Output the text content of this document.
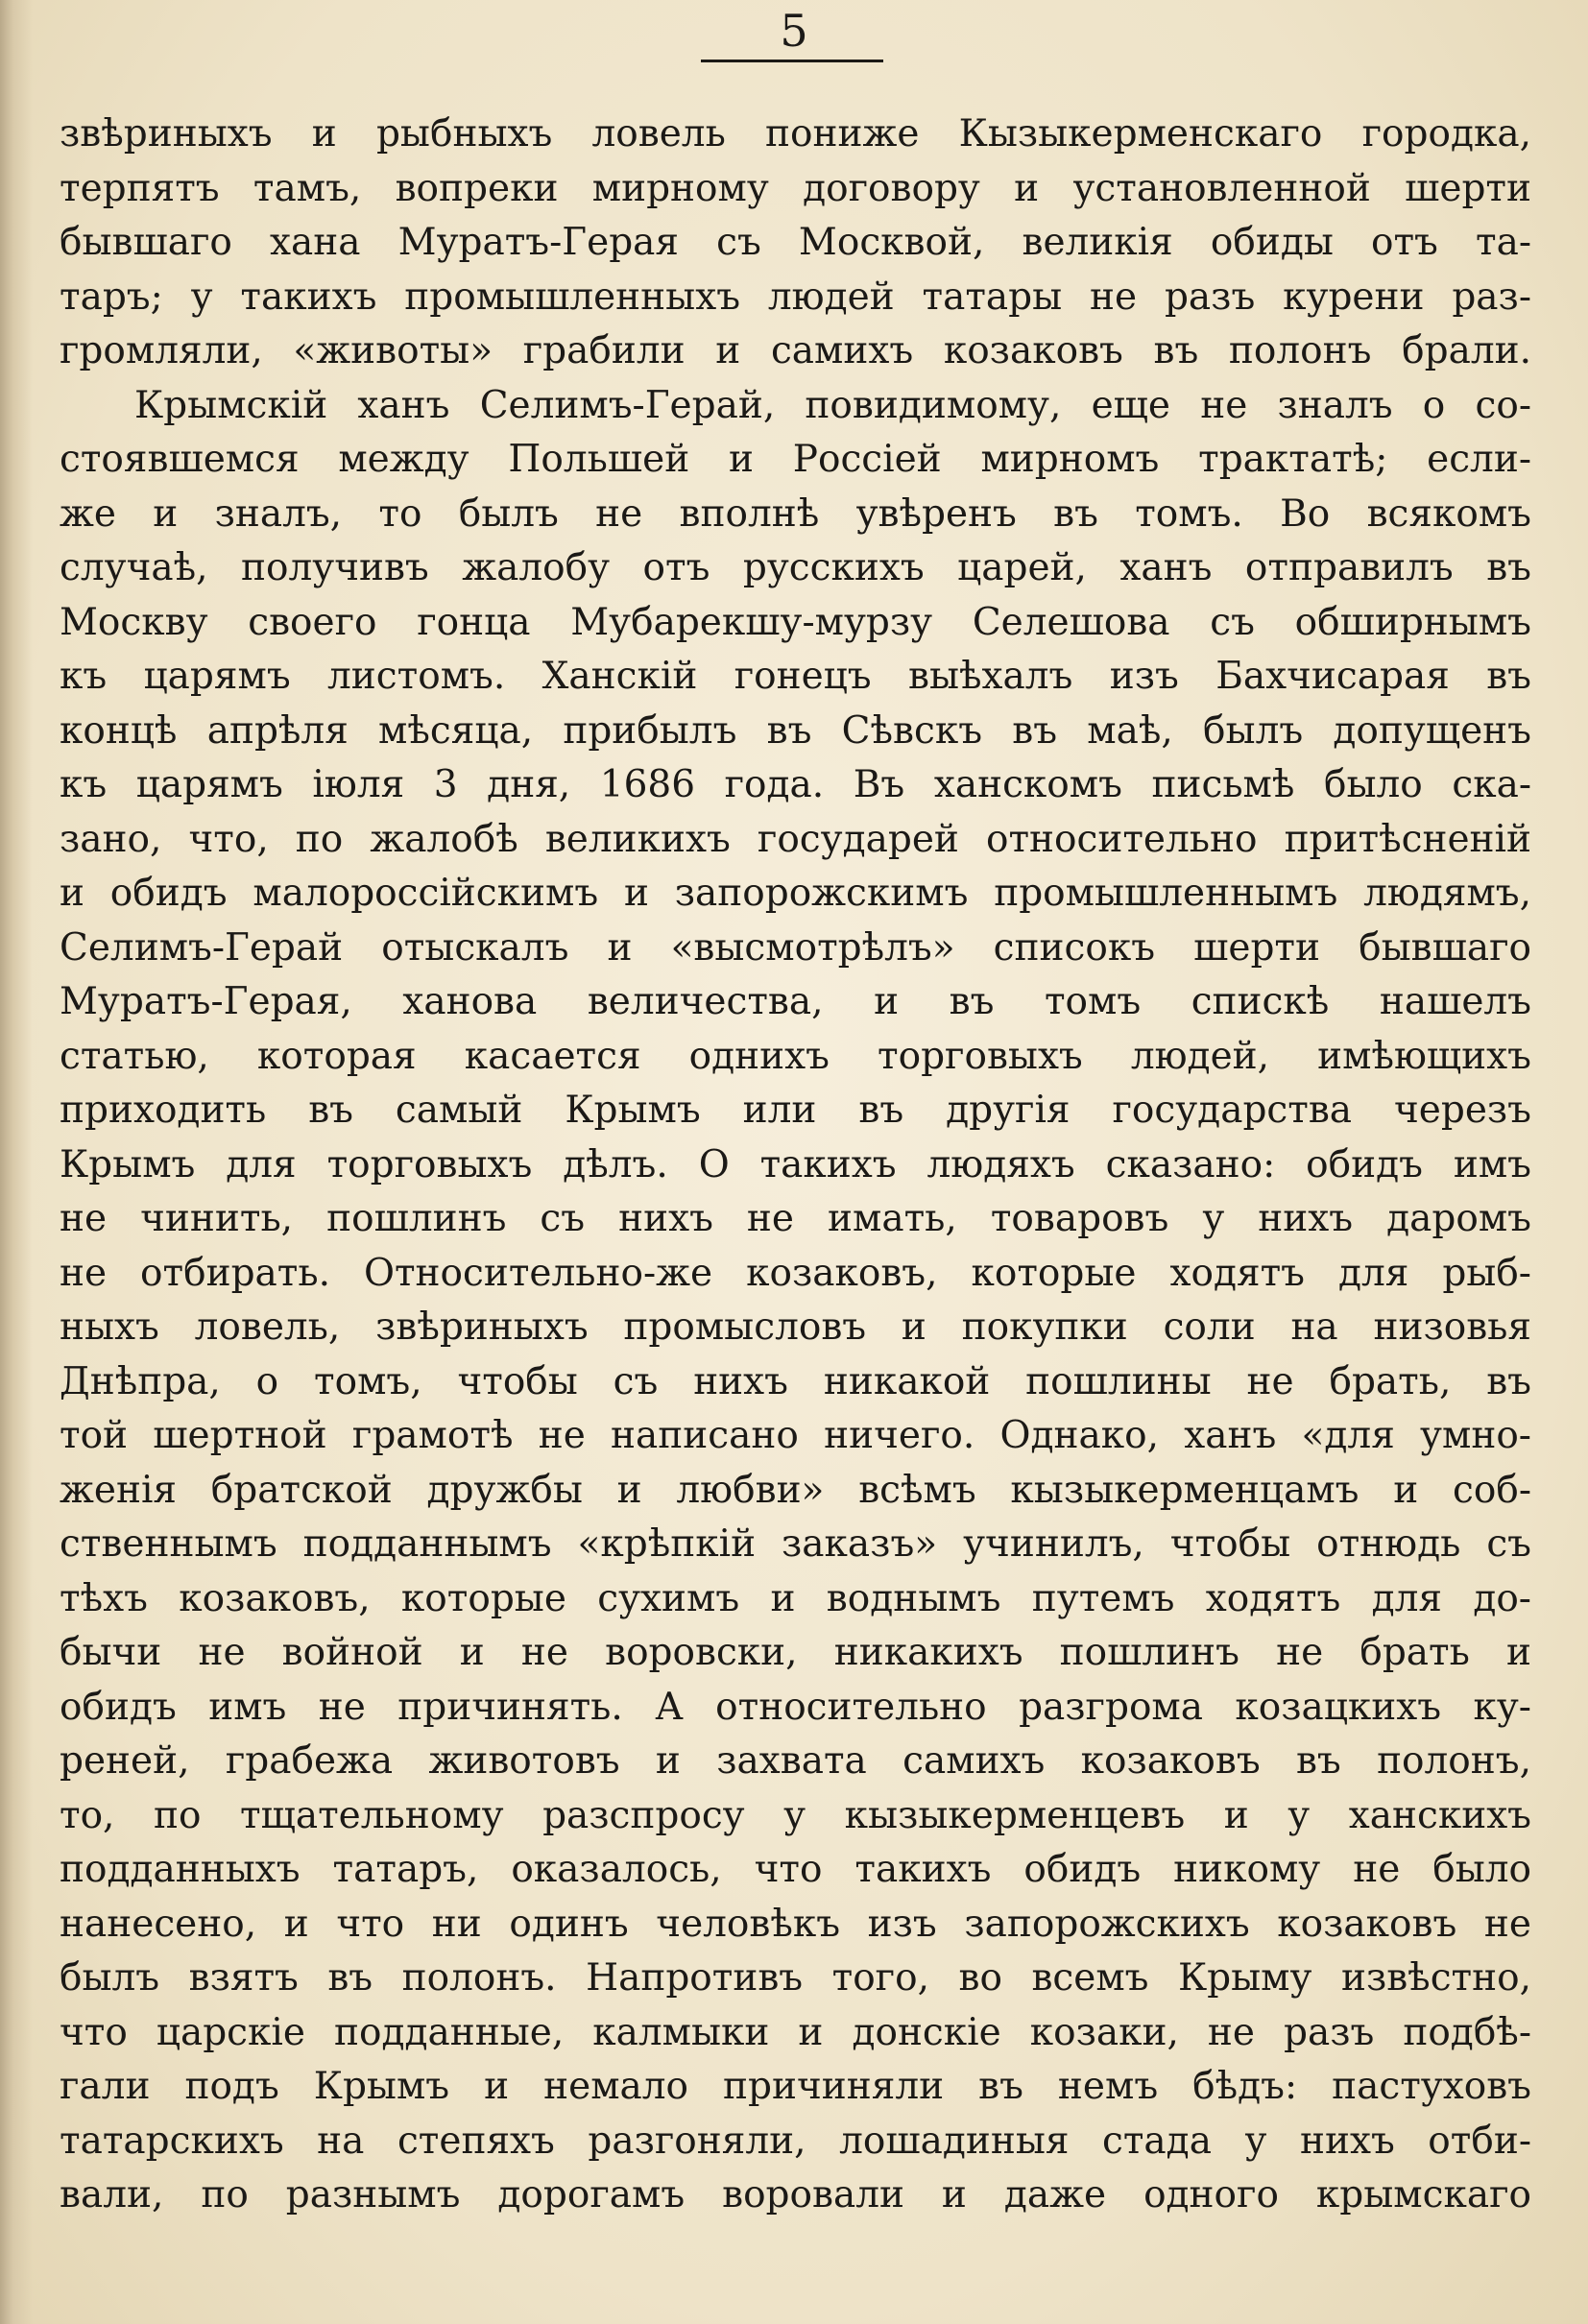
5
звѣриныхъ и рыбныхъ ловель пониже Кызыкерменскаго городка,
терпятъ тамъ, вопреки мирному договору и установленной шерти
бывшаго хана Муратъ-Герая съ Москвой, великія обиды отъ та-
таръ; у такихъ промышленныхъ людей татары не разъ курени раз-
громляли, «животы» грабили и самихъ козаковъ въ полонъ брали.
Крымскій ханъ Селимъ-Герай, повидимому, еще не зналъ о со-
стоявшемся между Польшей и Россіей мирномъ трактатѣ; если-
же и зналъ, то былъ не вполнѣ увѣренъ въ томъ. Во всякомъ
случаѣ, получивъ жалобу отъ русскихъ царей, ханъ отправилъ въ
Москву своего гонца Мубарекшу-мурзу Селешова съ обширнымъ
къ царямъ листомъ. Ханскій гонецъ выѣхалъ изъ Бахчисарая въ
концѣ апрѣля мѣсяца, прибылъ въ Сѣвскъ въ маѣ, былъ допущенъ
къ царямъ іюля 3 дня, 1686 года. Въ ханскомъ письмѣ было ска-
зано, что, по жалобѣ великихъ государей относительно притѣсненій
и обидъ малороссійскимъ и запорожскимъ промышленнымъ людямъ,
Селимъ-Герай отыскалъ и «высмотрѣлъ» списокъ шерти бывшаго
Муратъ-Герая, ханова величества, и въ томъ спискѣ нашелъ
статью, которая касается однихъ торговыхъ людей, имѣющихъ
приходить въ самый Крымъ или въ другія государства черезъ
Крымъ для торговыхъ дѣлъ. О такихъ людяхъ сказано: обидъ имъ
не чинить, пошлинъ съ нихъ не имать, товаровъ у нихъ даромъ
не отбирать. Относительно-же козаковъ, которые ходятъ для рыб-
ныхъ ловель, звѣриныхъ промысловъ и покупки соли на низовья
Днѣпра, о томъ, чтобы съ нихъ никакой пошлины не брать, въ
той шертной грамотѣ не написано ничего. Однако, ханъ «для умно-
женія братской дружбы и любви» всѣмъ кызыкерменцамъ и соб-
ственнымъ подданнымъ «крѣпкій заказъ» учинилъ, чтобы отнюдь съ
тѣхъ козаковъ, которые сухимъ и воднымъ путемъ ходятъ для до-
бычи не войной и не воровски, никакихъ пошлинъ не брать и
обидъ имъ не причинять. А относительно разгрома козацкихъ ку-
реней, грабежа животовъ и захвата самихъ козаковъ въ полонъ,
то, по тщательному разспросу у кызыкерменцевъ и у ханскихъ
подданныхъ татаръ, оказалось, что такихъ обидъ никому не было
нанесено, и что ни одинъ человѣкъ изъ запорожскихъ козаковъ не
былъ взятъ въ полонъ. Напротивъ того, во всемъ Крыму извѣстно,
что царскіе подданные, калмыки и донскіе козаки, не разъ подбѣ-
гали подъ Крымъ и немало причиняли въ немъ бѣдъ: пастуховъ
татарскихъ на степяхъ разгоняли, лошадиныя стада у нихъ отби-
вали, по разнымъ дорогамъ воровали и даже одного крымскаго
